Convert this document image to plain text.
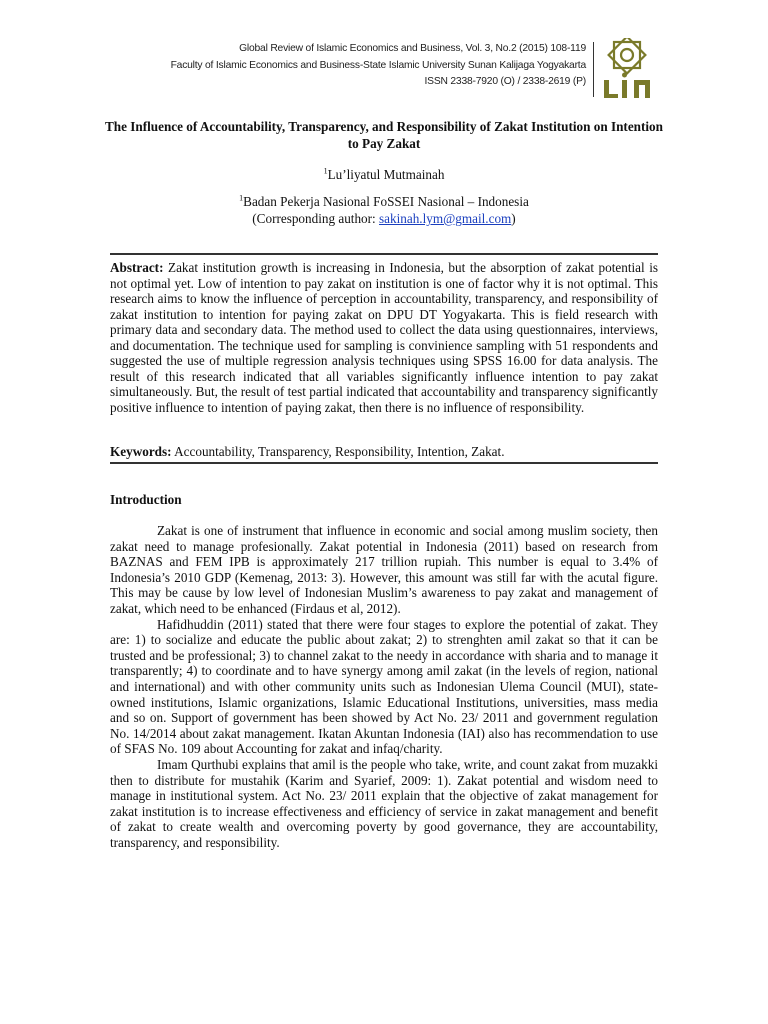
Global Review of Islamic Economics and Business, Vol. 3, No.2 (2015) 108-119
Faculty of Islamic Economics and Business-State Islamic University Sunan Kalijaga Yogyakarta
ISSN 2338-7920 (O) / 2338-2619 (P)
The Influence of Accountability, Transparency, and Responsibility of Zakat Institution on Intention to Pay Zakat
$^1$Lu’liyatul Mutmainah
$^1$Badan Pekerja Nasional FoSSEI Nasional – Indonesia
(Corresponding author: sakinah.lym@gmail.com)

Abstract: Zakat institution growth is increasing in Indonesia, but the absorption of zakat potential is not optimal yet. Low of intention to pay zakat on institution is one of factor why it is not optimal. This research aims to know the influence of perception in accountability, transparency, and responsibility of zakat institution to intention for paying zakat on DPU DT Yogyakarta. This is field research with primary data and secondary data. The method used to collect the data using questionnaires, interviews, and documentation. The technique used for sampling is convinience sampling with 51 respondents and suggested the use of multiple regression analysis techniques using SPSS 16.00 for data analysis. The result of this research indicated that all variables significantly influence intention to pay zakat simultaneously. But, the result of test partial indicated that accountability and transparency significantly positive influence to intention of paying zakat, then there is no influence of responsibility.

Keywords: Accountability, Transparency, Responsibility, Intention, Zakat.

Introduction

Zakat is one of instrument that influence in economic and social among muslim society, then zakat need to manage profesionally. Zakat potential in Indonesia (2011) based on research from BAZNAS and FEM IPB is approximately 217 trillion rupiah. This number is equal to 3.4% of Indonesia’s 2010 GDP (Kemenag, 2013: 3). However, this amount was still far with the acutal figure. This may be cause by low level of Indonesian Muslim’s awareness to pay zakat and management of zakat, which need to be enhanced (Firdaus et al, 2012).

Hafidhuddin (2011) stated that there were four stages to explore the potential of zakat. They are: 1) to socialize and educate the public about zakat; 2) to strenghten amil zakat so that it can be trusted and be professional; 3) to channel zakat to the needy in accordance with sharia and to manage it transparently; 4) to coordinate and to have synergy among amil zakat (in the levels of region, national and international) and with other community units such as Indonesian Ulema Council (MUI), state-owned institutions, Islamic organizations, Islamic Educational Institutions, universities, mass media and so on. Support of government has been showed by Act No. 23/ 2011 and government regulation No. 14/2014 about zakat management. Ikatan Akuntan Indonesia (IAI) also has recommendation to use of SFAS No. 109 about Accounting for zakat and infaq/charity.

Imam Qurthubi explains that amil is the people who take, write, and count zakat from muzakki then to distribute for mustahik (Karim and Syarief, 2009: 1). Zakat potential and wisdom need to manage in institutional system. Act No. 23/ 2011 explain that the objective of zakat management for zakat institution is to increase effectiveness and efficiency of service in zakat management and benefit of zakat to create wealth and overcoming poverty by good governance, they are accountability, transparency, and responsibility.
